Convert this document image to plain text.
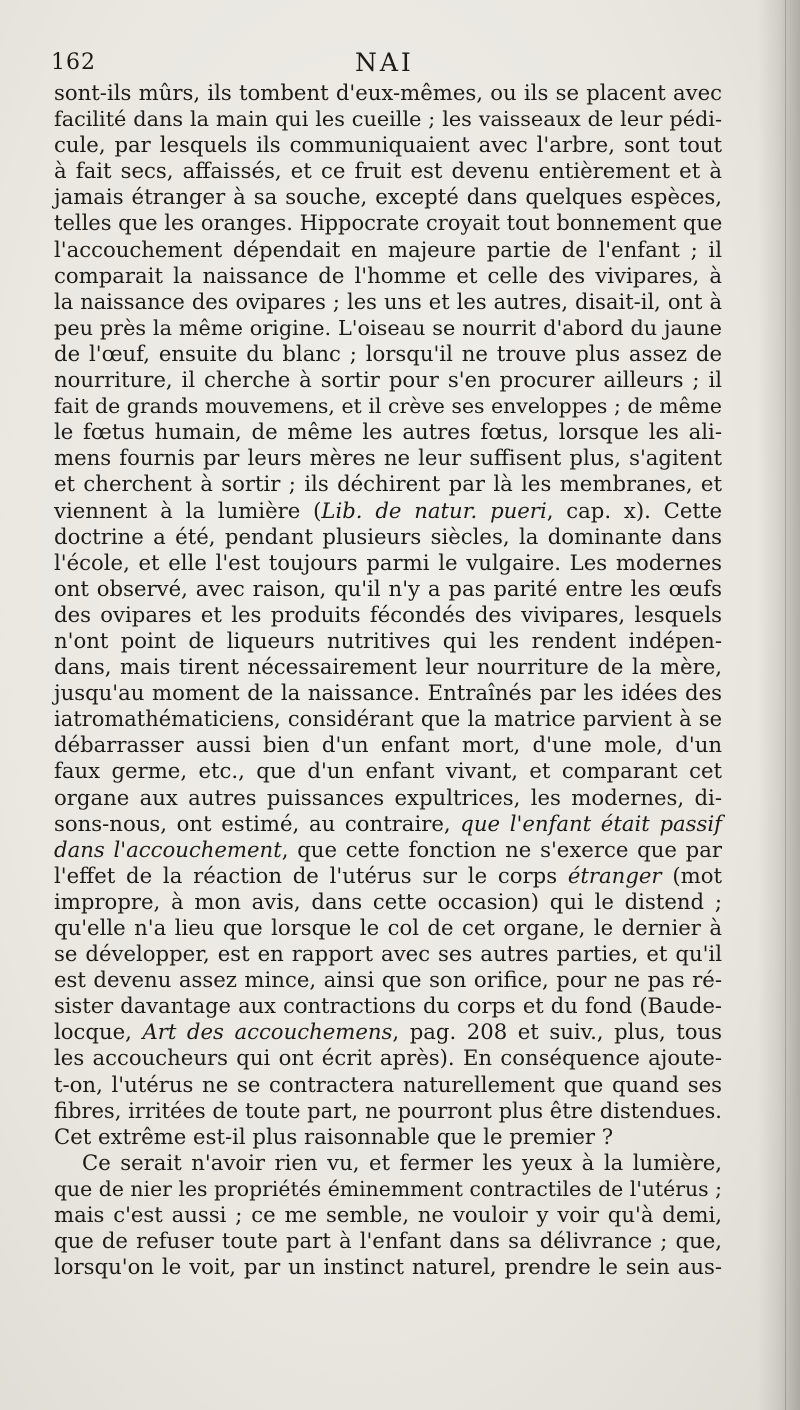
162	NAI
sont-ils mûrs, ils tombent d'eux-mêmes, ou ils se placent avec
facilité dans la main qui les cueille ; les vaisseaux de leur pédi-
cule, par lesquels ils communiquaient avec l'arbre, sont tout
à fait secs, affaissés, et ce fruit est devenu entièrement et à
jamais étranger à sa souche, excepté dans quelques espèces,
telles que les oranges. Hippocrate croyait tout bonnement que
l'accouchement dépendait en majeure partie de l'enfant ; il
comparait la naissance de l'homme et celle des vivipares, à
la naissance des ovipares ; les uns et les autres, disait-il, ont à
peu près la même origine. L'oiseau se nourrit d'abord du jaune
de l'œuf, ensuite du blanc ; lorsqu'il ne trouve plus assez de
nourriture, il cherche à sortir pour s'en procurer ailleurs ; il
fait de grands mouvemens, et il crève ses enveloppes ; de même
le fœtus humain, de même les autres fœtus, lorsque les ali-
mens fournis par leurs mères ne leur suffisent plus, s'agitent
et cherchent à sortir ; ils déchirent par là les membranes, et
viennent à la lumière (Lib. de natur. pueri, cap. x). Cette
doctrine a été, pendant plusieurs siècles, la dominante dans
l'école, et elle l'est toujours parmi le vulgaire. Les modernes
ont observé, avec raison, qu'il n'y a pas parité entre les œufs
des ovipares et les produits fécondés des vivipares, lesquels
n'ont point de liqueurs nutritives qui les rendent indépen-
dans, mais tirent nécessairement leur nourriture de la mère,
jusqu'au moment de la naissance. Entraînés par les idées des
iatromathématiciens, considérant que la matrice parvient à se
débarrasser aussi bien d'un enfant mort, d'une mole, d'un
faux germe, etc., que d'un enfant vivant, et comparant cet
organe aux autres puissances expultrices, les modernes, di-
sons-nous, ont estimé, au contraire, que l'enfant était passif
dans l'accouchement, que cette fonction ne s'exerce que par
l'effet de la réaction de l'utérus sur le corps étranger (mot
impropre, à mon avis, dans cette occasion) qui le distend ;
qu'elle n'a lieu que lorsque le col de cet organe, le dernier à
se développer, est en rapport avec ses autres parties, et qu'il
est devenu assez mince, ainsi que son orifice, pour ne pas ré-
sister davantage aux contractions du corps et du fond (Baude-
locque, Art des accouchemens, pag. 208 et suiv., plus, tous
les accoucheurs qui ont écrit après). En conséquence ajoute-
t-on, l'utérus ne se contractera naturellement que quand ses
fibres, irritées de toute part, ne pourront plus être distendues.
Cet extrême est-il plus raisonnable que le premier ?
Ce serait n'avoir rien vu, et fermer les yeux à la lumière,
que de nier les propriétés éminemment contractiles de l'utérus ;
mais c'est aussi ; ce me semble, ne vouloir y voir qu'à demi,
que de refuser toute part à l'enfant dans sa délivrance ; que,
lorsqu'on le voit, par un instinct naturel, prendre le sein aus-
